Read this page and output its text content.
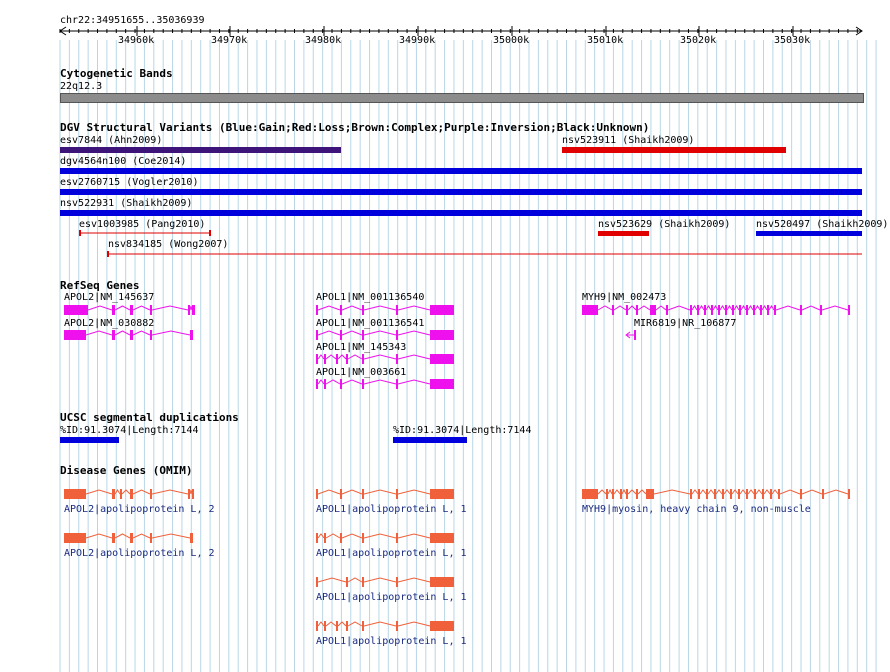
chr22:34951655..35036939
34960k	34970k	34980k	34990k	35000k	35010k	35020k	35030k
Cytogenetic Bands
22q12.3
DGV Structural Variants (Blue:Gain;Red:Loss;Brown:Complex;Purple:Inversion;Black:Unknown)
esv7844 (Ahn2009)	nsv523911 (Shaikh2009)
dgv4564n100 (Coe2014)
esv2760715 (Vogler2010)
nsv522931 (Shaikh2009)
esv1003985 (Pang2010)	nsv523629 (Shaikh2009)	nsv520497 (Shaikh2009)
nsv834185 (Wong2007)
RefSeq Genes
APOL2|NM_145637
APOL2|NM_030882
APOL1|NM_001136540
APOL1|NM_001136541
APOL1|NM_145343
APOL1|NM_003661
MYH9|NM_002473
MIR6819|NR_106877
UCSC segmental duplications
%ID:91.3074|Length:7144	%ID:91.3074|Length:7144
Disease Genes (OMIM)
APOL2|apolipoprotein L, 2
APOL2|apolipoprotein L, 2
APOL1|apolipoprotein L, 1
APOL1|apolipoprotein L, 1
APOL1|apolipoprotein L, 1
APOL1|apolipoprotein L, 1
MYH9|myosin, heavy chain 9, non-muscle
